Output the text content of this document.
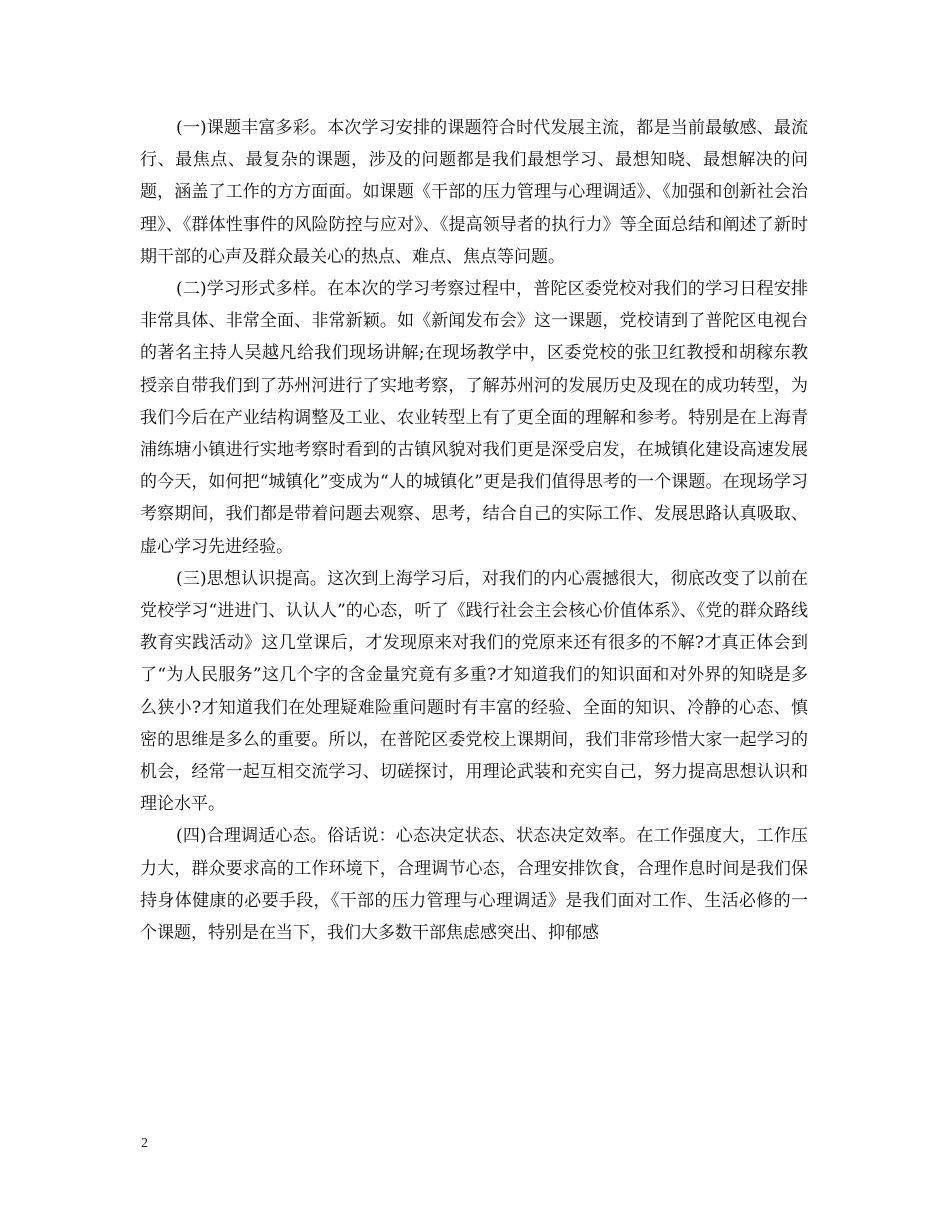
(一)课题丰富多彩。本次学习安排的课题符合时代发展主流，都是当前最敏感、最流行、最焦点、最复杂的课题，涉及的问题都是我们最想学习、最想知晓、最想解决的问题，涵盖了工作的方方面面。如课题《干部的压力管理与心理调适》、《加强和创新社会治理》、《群体性事件的风险防控与应对》、《提高领导者的执行力》等全面总结和阐述了新时期干部的心声及群众最关心的热点、难点、焦点等问题。

(二)学习形式多样。在本次的学习考察过程中，普陀区委党校对我们的学习日程安排非常具体、非常全面、非常新颖。如《新闻发布会》这一课题，党校请到了普陀区电视台的著名主持人吴越凡给我们现场讲解;在现场教学中，区委党校的张卫红教授和胡稼东教授亲自带我们到了苏州河进行了实地考察，了解苏州河的发展历史及现在的成功转型，为我们今后在产业结构调整及工业、农业转型上有了更全面的理解和参考。特别是在上海青浦练塘小镇进行实地考察时看到的古镇风貌对我们更是深受启发，在城镇化建设高速发展的今天，如何把“城镇化”变成为“人的城镇化”更是我们值得思考的一个课题。在现场学习考察期间，我们都是带着问题去观察、思考，结合自己的实际工作、发展思路认真吸取、虚心学习先进经验。

(三)思想认识提高。这次到上海学习后，对我们的内心震撼很大，彻底改变了以前在党校学习“进进门、认认人”的心态，听了《践行社会主会核心价值体系》、《党的群众路线教育实践活动》这几堂课后，才发现原来对我们的党原来还有很多的不解?才真正体会到了“为人民服务”这几个字的含金量究竟有多重?才知道我们的知识面和对外界的知晓是多么狭小?才知道我们在处理疑难险重问题时有丰富的经验、全面的知识、冷静的心态、慎密的思维是多么的重要。所以，在普陀区委党校上课期间，我们非常珍惜大家一起学习的机会，经常一起互相交流学习、切磋探讨，用理论武装和充实自己，努力提高思想认识和理论水平。

(四)合理调适心态。俗话说：心态决定状态、状态决定效率。在工作强度大，工作压力大，群众要求高的工作环境下，合理调节心态，合理安排饮食，合理作息时间是我们保持身体健康的必要手段，《干部的压力管理与心理调适》是我们面对工作、生活必修的一个课题，特别是在当下，我们大多数干部焦虑感突出、抑郁感

2
